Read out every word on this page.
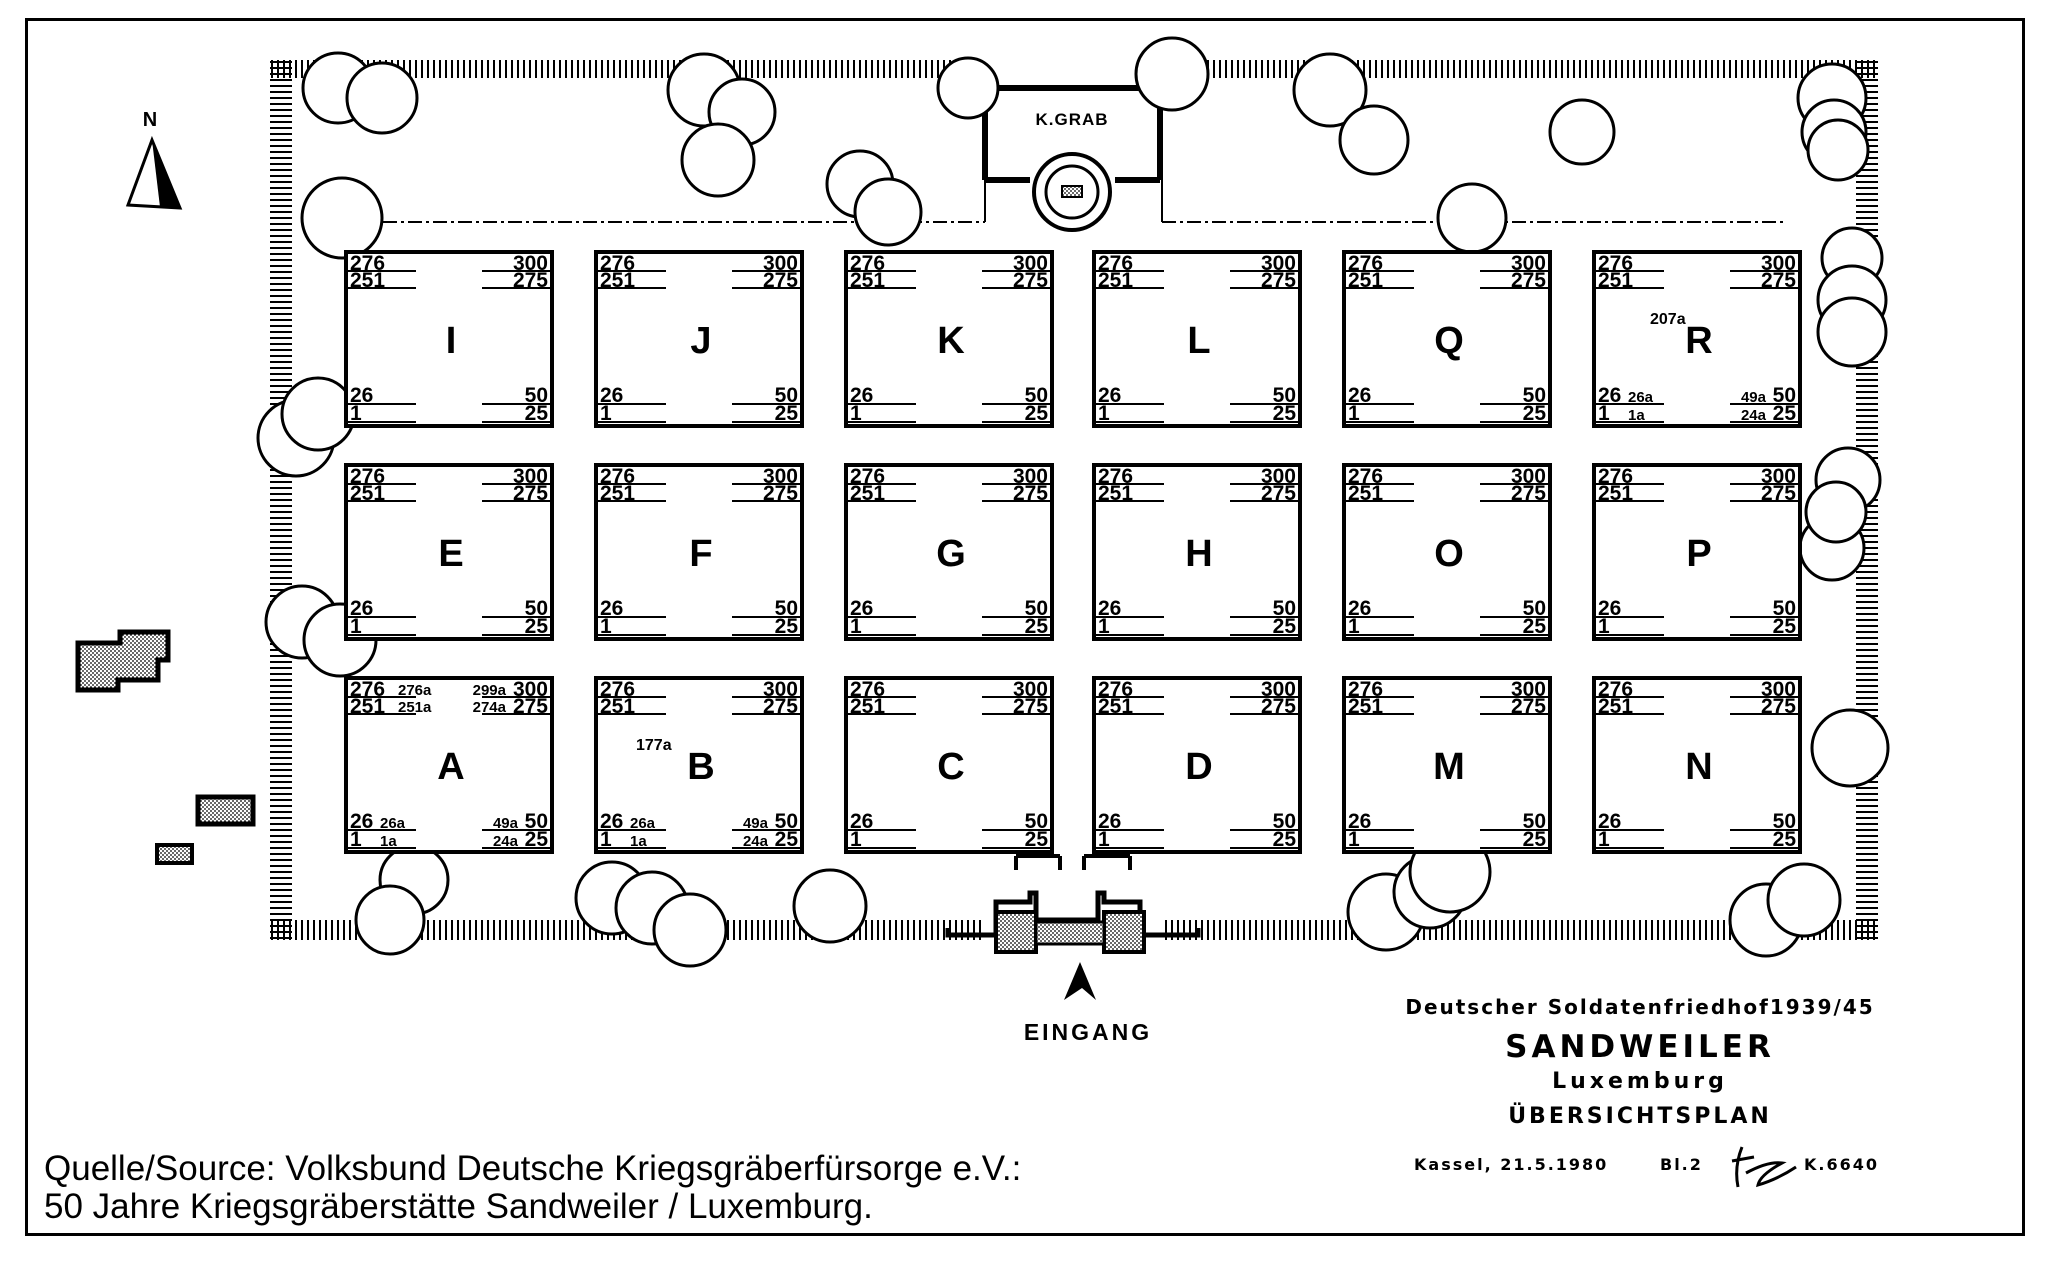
K.GRAB
N
EINGANG
276
251
300
275
26
1
50
25
I
276
251
300
275
26
1
50
25
J
276
251
300
275
26
1
50
25
K
276
251
300
275
26
1
50
25
L
276
251
300
275
26
1
50
25
Q
276
251
300
275
26
1
50
25
26a
1a
49a
24a
207a
R
276
251
300
275
26
1
50
25
E
276
251
300
275
26
1
50
25
F
276
251
300
275
26
1
50
25
G
276
251
300
275
26
1
50
25
H
276
251
300
275
26
1
50
25
O
276
251
300
275
26
1
50
25
P
276
251
300
275
26
1
50
25
276a
251a
299a
274a
26a
1a
49a
24a
A
276
251
300
275
26
1
50
25
26a
1a
49a
24a
177a
B
276
251
300
275
26
1
50
25
C
276
251
300
275
26
1
50
25
D
276
251
300
275
26
1
50
25
M
276
251
300
275
26
1
50
25
N
Deutscher Soldatenfriedhof1939/45
SANDWEILER
Luxemburg
ÜBERSICHTSPLAN
Kassel, 21.5.1980	Bl.2	K.6640
Quelle/Source: Volksbund Deutsche Kriegsgräberfürsorge e.V.:
50 Jahre Kriegsgräberstätte Sandweiler / Luxemburg.
